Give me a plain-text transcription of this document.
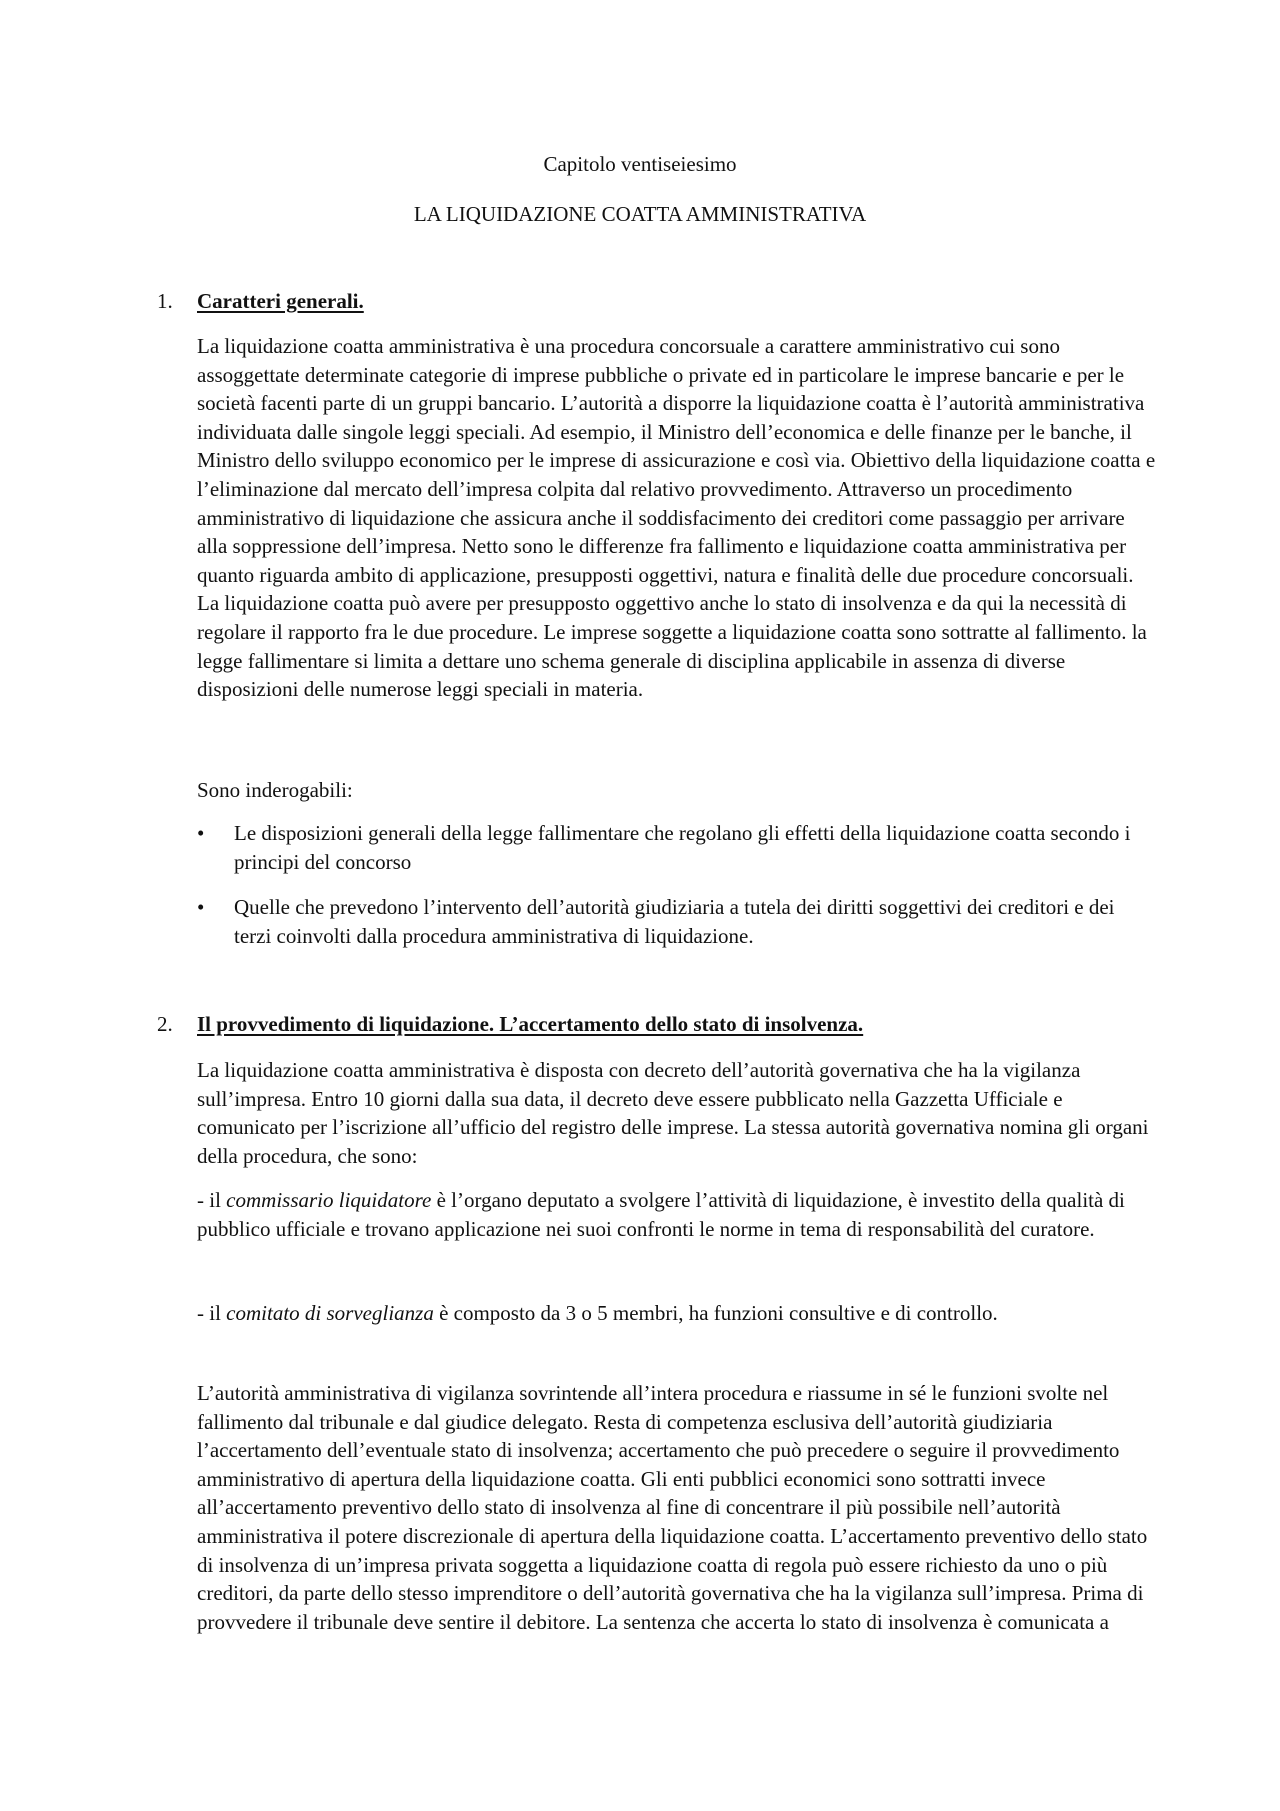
Capitolo ventiseiesimo
LA LIQUIDAZIONE COATTA AMMINISTRATIVA
1. Caratteri generali.

La liquidazione coatta amministrativa è una procedura concorsuale a carattere amministrativo cui sono assoggettate determinate categorie di imprese pubbliche o private ed in particolare le imprese bancarie e per le società facenti parte di un gruppi bancario. L’autorità a disporre la liquidazione coatta è l’autorità amministrativa individuata dalle singole leggi speciali. Ad esempio, il Ministro dell’economica e delle finanze per le banche, il Ministro dello sviluppo economico per le imprese di assicurazione e così via. Obiettivo della liquidazione coatta e l’eliminazione dal mercato dell’impresa colpita dal relativo provvedimento. Attraverso un procedimento amministrativo di liquidazione che assicura anche il soddisfacimento dei creditori come passaggio per arrivare alla soppressione dell’impresa. Netto sono le differenze fra fallimento e liquidazione coatta amministrativa per quanto riguarda ambito di applicazione, presupposti oggettivi, natura e finalità delle due procedure concorsuali. La liquidazione coatta può avere per presupposto oggettivo anche lo stato di insolvenza e da qui la necessità di regolare il rapporto fra le due procedure. Le imprese soggette a liquidazione coatta sono sottratte al fallimento. la legge fallimentare si limita a dettare uno schema generale di disciplina applicabile in assenza di diverse disposizioni delle numerose leggi speciali in materia.

Sono inderogabili:

•	Le disposizioni generali della legge fallimentare che regolano gli effetti della liquidazione coatta secondo i principi del concorso
•	Quelle che prevedono l’intervento dell’autorità giudiziaria a tutela dei diritti soggettivi dei creditori e dei terzi coinvolti dalla procedura amministrativa di liquidazione.
2. Il provvedimento di liquidazione. L’accertamento dello stato di insolvenza.

La liquidazione coatta amministrativa è disposta con decreto dell’autorità governativa che ha la vigilanza sull’impresa. Entro 10 giorni dalla sua data, il decreto deve essere pubblicato nella Gazzetta Ufficiale e comunicato per l’iscrizione all’ufficio del registro delle imprese. La stessa autorità governativa nomina gli organi della procedura, che sono:

- il commissario liquidatore è l’organo deputato a svolgere l’attività di liquidazione, è investito della qualità di pubblico ufficiale e trovano applicazione nei suoi confronti le norme in tema di responsabilità del curatore.

- il comitato di sorveglianza è composto da 3 o 5 membri, ha funzioni consultive e di controllo.

L’autorità amministrativa di vigilanza sovrintende all’intera procedura e riassume in sé le funzioni svolte nel fallimento dal tribunale e dal giudice delegato. Resta di competenza esclusiva dell’autorità giudiziaria l’accertamento dell’eventuale stato di insolvenza; accertamento che può precedere o seguire il provvedimento amministrativo di apertura della liquidazione coatta. Gli enti pubblici economici sono sottratti invece all’accertamento preventivo dello stato di insolvenza al fine di concentrare il più possibile nell’autorità amministrativa il potere discrezionale di apertura della liquidazione coatta. L’accertamento preventivo dello stato di insolvenza di un’impresa privata soggetta a liquidazione coatta di regola può essere richiesto da uno o più creditori, da parte dello stesso imprenditore o dell’autorità governativa che ha la vigilanza sull’impresa. Prima di provvedere il tribunale deve sentire il debitore. La sentenza che accerta lo stato di insolvenza è comunicata a
